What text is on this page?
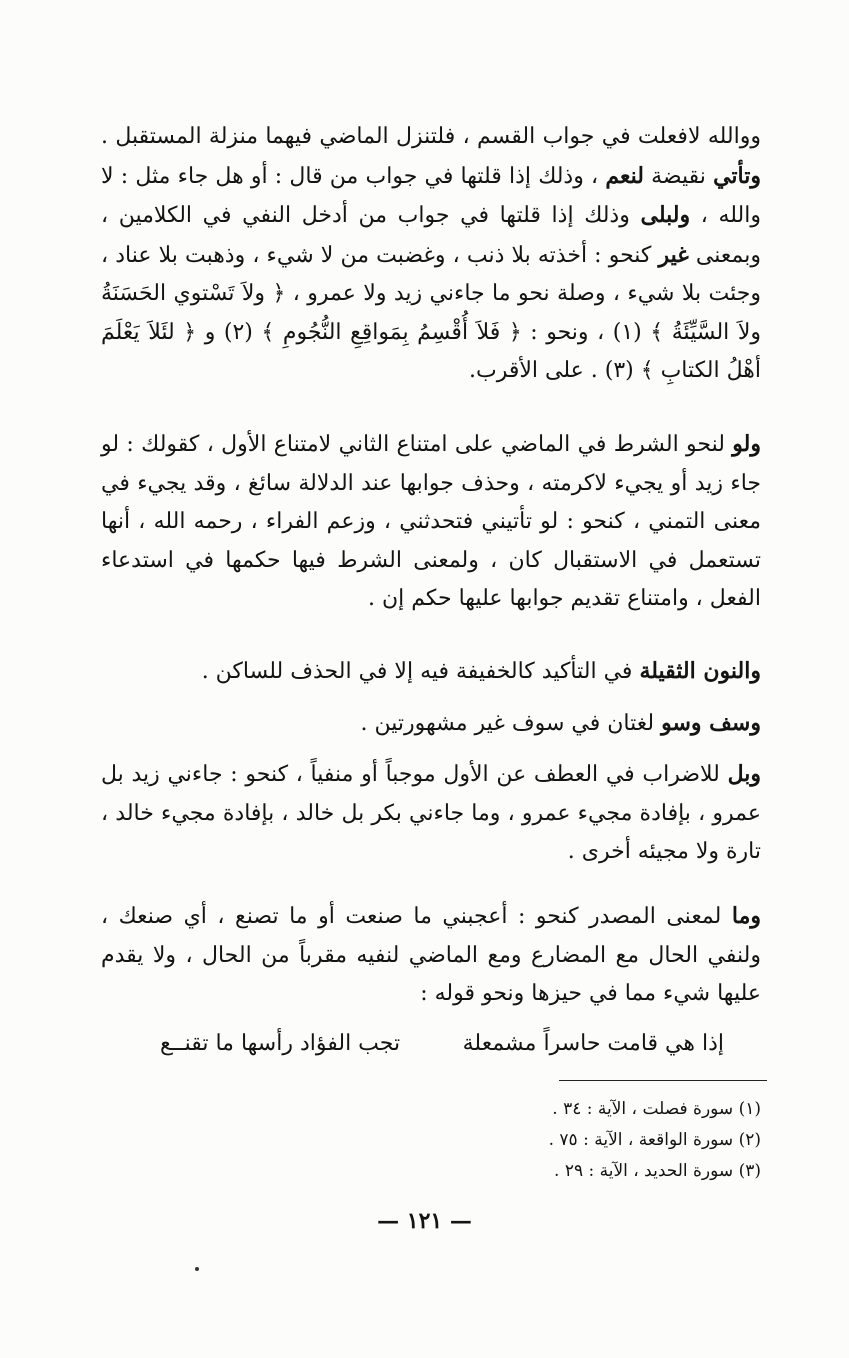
ووالله لافعلت في جواب القسم ، فلتنزل الماضي فيهما منزلة المستقبل . وتأتي نقيضة لنعم ، وذلك إذا قلتها في جواب من قال : أو هل جاء مثل : لا والله ، ولبلى وذلك إذا قلتها في جواب من أدخل النفي في الكلامين ، وبمعنى غير كنحو : أخذته بلا ذنب ، وغضبت من لا شيء ، وذهبت بلا عناد ، وجئت بلا شيء ، وصلة نحو ما جاءني زيد ولا عمرو ، ﴿ ولاَ تَسْتوي الحَسَنَةُ ولاَ السَّيِّئَةُ ﴾ (١) ، ونحو : ﴿ فَلاَ أُقْسِمُ بِمَواقِعِ النُّجُومِ ﴾ (٢) و ﴿ لئَلاَ يَعْلَمَ أهْلُ الكتابِ ﴾ (٣) . على الأقرب.

ولو لنحو الشرط في الماضي على امتناع الثاني لامتناع الأول ، كقولك : لو جاء زيد أو يجيء لاكرمته ، وحذف جوابها عند الدلالة سائغ ، وقد يجيء في معنى التمني ، كنحو : لو تأتيني فتحدثني ، وزعم الفراء ، رحمه الله ، أنها تستعمل في الاستقبال كان ، ولمعنى الشرط فيها حكمها في استدعاء الفعل ، وامتناع تقديم جوابها عليها حكم إن .

والنون الثقيلة في التأكيد كالخفيفة فيه إلا في الحذف للساكن .

وسف وسو لغتان في سوف غير مشهورتين .

وبل للاضراب في العطف عن الأول موجباً أو منفياً ، كنحو : جاءني زيد بل عمرو ، بإفادة مجيء عمرو ، وما جاءني بكر بل خالد ، بإفادة مجيء خالد ، تارة ولا مجيئه أخرى .

وما لمعنى المصدر كنحو : أعجبني ما صنعت أو ما تصنع ، أي صنعك ، ولنفي الحال مع المضارع ومع الماضي لنفيه مقرباً من الحال ، ولا يقدم عليها شيء مما في حيزها ونحو قوله :

إذا هي قامت حاسراً مشمعلة
تجب الفؤاد رأسها ما تقنــع
(١) سورة فصلت ، الآية : ٣٤ .
(٢) سورة الواقعة ، الآية : ٧٥ .
(٣) سورة الحديد ، الآية : ٢٩ .
— ١٢١ —
